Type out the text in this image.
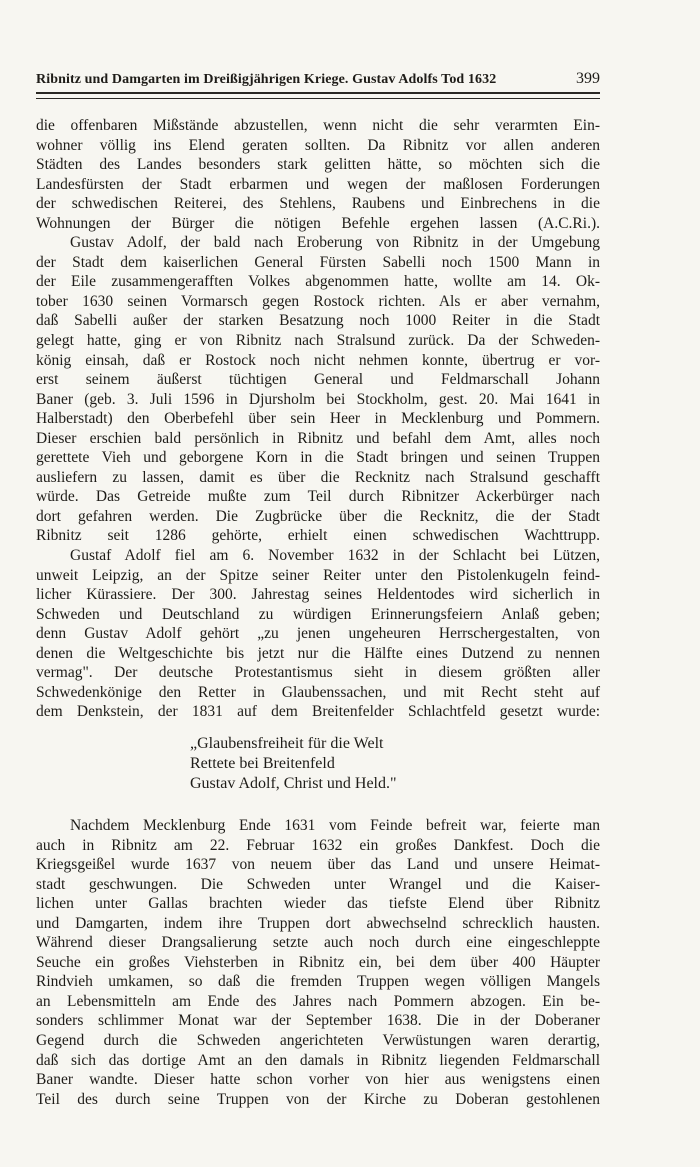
Ribnitz und Damgarten im Dreißigjährigen Kriege. Gustav Adolfs Tod 1632	399

die offenbaren Mißstände abzustellen, wenn nicht die sehr verarmten Ein-
wohner völlig ins Elend geraten sollten. Da Ribnitz vor allen anderen
Städten des Landes besonders stark gelitten hätte, so möchten sich die
Landesfürsten der Stadt erbarmen und wegen der maßlosen Forderungen
der schwedischen Reiterei, des Stehlens, Raubens und Einbrechens in die
Wohnungen der Bürger die nötigen Befehle ergehen lassen (A.C.Ri.).

Gustav Adolf, der bald nach Eroberung von Ribnitz in der Umgebung
der Stadt dem kaiserlichen General Fürsten Sabelli noch 1500 Mann in
der Eile zusammengerafften Volkes abgenommen hatte, wollte am 14. Ok-
tober 1630 seinen Vormarsch gegen Rostock richten. Als er aber vernahm,
daß Sabelli außer der starken Besatzung noch 1000 Reiter in die Stadt
gelegt hatte, ging er von Ribnitz nach Stralsund zurück. Da der Schweden-
könig einsah, daß er Rostock noch nicht nehmen konnte, übertrug er vor-
erst seinem äußerst tüchtigen General und Feldmarschall Johann
Baner (geb. 3. Juli 1596 in Djursholm bei Stockholm, gest. 20. Mai 1641 in
Halberstadt) den Oberbefehl über sein Heer in Mecklenburg und Pommern.
Dieser erschien bald persönlich in Ribnitz und befahl dem Amt, alles noch
gerettete Vieh und geborgene Korn in die Stadt bringen und seinen Truppen
ausliefern zu lassen, damit es über die Recknitz nach Stralsund geschafft
würde. Das Getreide mußte zum Teil durch Ribnitzer Ackerbürger nach
dort gefahren werden. Die Zugbrücke über die Recknitz, die der Stadt
Ribnitz seit 1286 gehörte, erhielt einen schwedischen Wachttrupp.

Gustaf Adolf fiel am 6. November 1632 in der Schlacht bei Lützen,
unweit Leipzig, an der Spitze seiner Reiter unter den Pistolenkugeln feind-
licher Kürassiere. Der 300. Jahrestag seines Heldentodes wird sicherlich in
Schweden und Deutschland zu würdigen Erinnerungsfeiern Anlaß geben;
denn Gustav Adolf gehört „zu jenen ungeheuren Herrschergestalten, von
denen die Weltgeschichte bis jetzt nur die Hälfte eines Dutzend zu nennen
vermag". Der deutsche Protestantismus sieht in diesem größten aller
Schwedenkönige den Retter in Glaubenssachen, und mit Recht steht auf
dem Denkstein, der 1831 auf dem Breitenfelder Schlachtfeld gesetzt wurde:

„Glaubensfreiheit für die Welt
Rettete bei Breitenfeld
Gustav Adolf, Christ und Held."

Nachdem Mecklenburg Ende 1631 vom Feinde befreit war, feierte man
auch in Ribnitz am 22. Februar 1632 ein großes Dankfest. Doch die
Kriegsgeißel wurde 1637 von neuem über das Land und unsere Heimat-
stadt geschwungen. Die Schweden unter Wrangel und die Kaiser-
lichen unter Gallas brachten wieder das tiefste Elend über Ribnitz
und Damgarten, indem ihre Truppen dort abwechselnd schrecklich hausten.
Während dieser Drangsalierung setzte auch noch durch eine eingeschleppte
Seuche ein großes Viehsterben in Ribnitz ein, bei dem über 400 Häupter
Rindvieh umkamen, so daß die fremden Truppen wegen völligen Mangels
an Lebensmitteln am Ende des Jahres nach Pommern abzogen. Ein be-
sonders schlimmer Monat war der September 1638. Die in der Doberaner
Gegend durch die Schweden angerichteten Verwüstungen waren derartig,
daß sich das dortige Amt an den damals in Ribnitz liegenden Feldmarschall
Baner wandte. Dieser hatte schon vorher von hier aus wenigstens einen
Teil des durch seine Truppen von der Kirche zu Doberan gestohlenen
